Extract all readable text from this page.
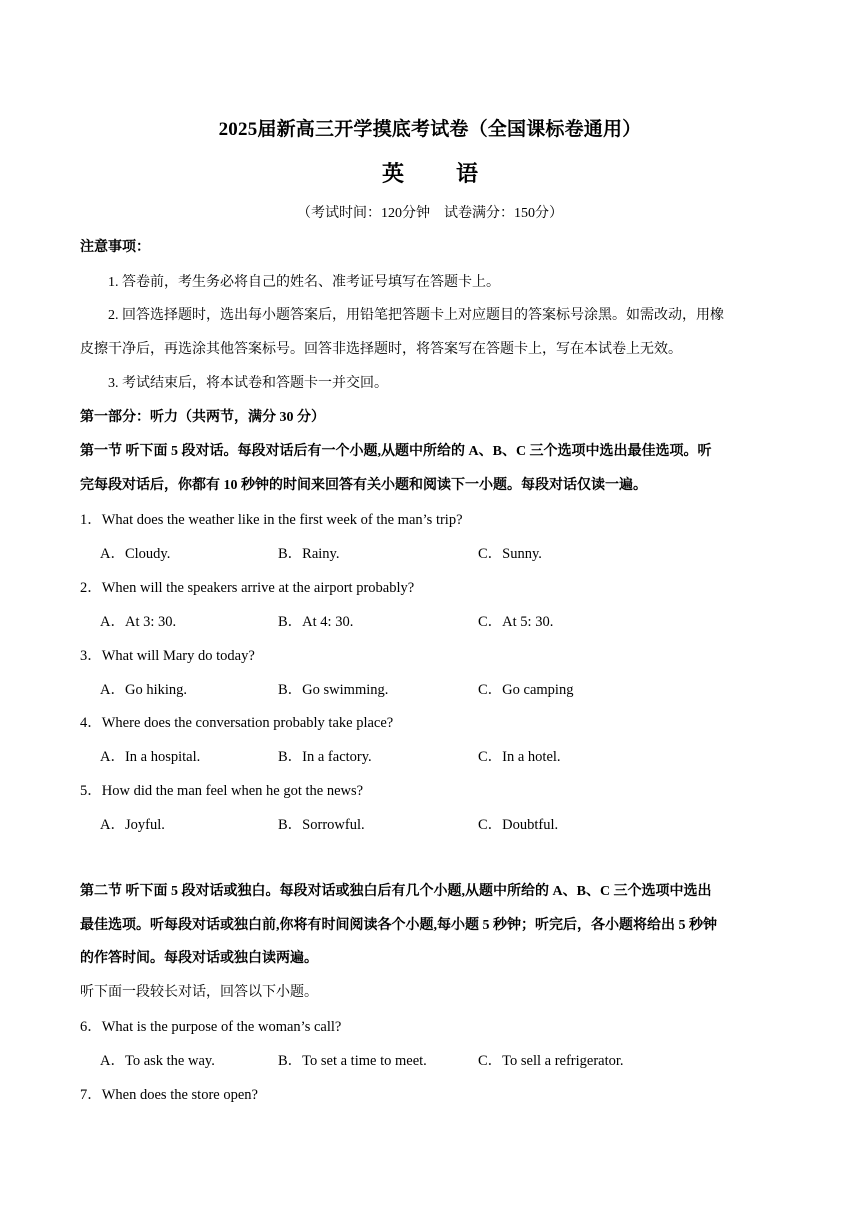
2025届新高三开学摸底考试卷（全国课标卷通用）
英 语
（考试时间：120分钟　试卷满分：150分）
注意事项：
1. 答卷前，考生务必将自己的姓名、准考证号填写在答题卡上。
2. 回答选择题时，选出每小题答案后，用铅笔把答题卡上对应题目的答案标号涂黑。如需改动，用橡
皮擦干净后，再选涂其他答案标号。回答非选择题时，将答案写在答题卡上，写在本试卷上无效。
3. 考试结束后，将本试卷和答题卡一并交回。
第一部分：听力（共两节，满分 30 分）
第一节 听下面 5 段对话。每段对话后有一个小题,从题中所给的 A、B、C 三个选项中选出最佳选项。听
完每段对话后，你都有 10 秒钟的时间来回答有关小题和阅读下一小题。每段对话仅读一遍。
1．What does the weather like in the first week of the man’s trip?
A．Cloudy.	B．Rainy.	C．Sunny.
2．When will the speakers arrive at the airport probably?
A．At 3: 30.	B．At 4: 30.	C．At 5: 30.
3．What will Mary do today?
A．Go hiking.	B．Go swimming.	C．Go camping
4．Where does the conversation probably take place?
A．In a hospital.	B．In a factory.	C．In a hotel.
5．How did the man feel when he got the news?
A．Joyful.	B．Sorrowful.	C．Doubtful.
第二节 听下面 5 段对话或独白。每段对话或独白后有几个小题,从题中所给的 A、B、C 三个选项中选出
最佳选项。听每段对话或独白前,你将有时间阅读各个小题,每小题 5 秒钟；听完后，各小题将给出 5 秒钟
的作答时间。每段对话或独白读两遍。
听下面一段较长对话，回答以下小题。
6．What is the purpose of the woman’s call?
A．To ask the way.	B．To set a time to meet.	C．To sell a refrigerator.
7．When does the store open?
